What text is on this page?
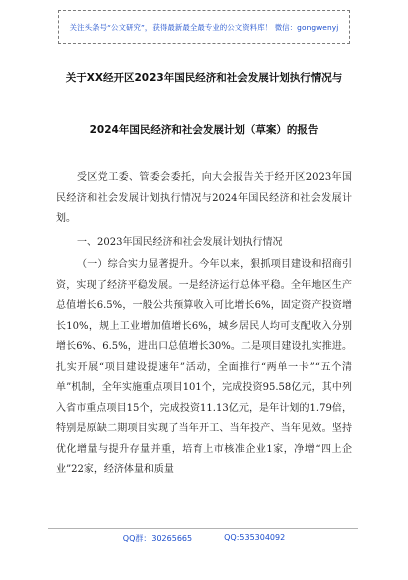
关注头条号“公文研究”，获得最新最全最专业的公文资料库！ 微信：gongwenyj
关于XX经开区2023年国民经济和社会发展计划执行情况与
2024年国民经济和社会发展计划（草案）的报告
受区党工委、管委会委托，向大会报告关于经开区2023年国民经济和社会发展计划执行情况与2024年国民经济和社会发展计划。
一、2023年国民经济和社会发展计划执行情况
（一）综合实力显著提升。今年以来，狠抓项目建设和招商引资，实现了经济平稳发展。一是经济运行总体平稳。全年地区生产总值增长6.5%，一般公共预算收入可比增长6%，固定资产投资增长10%，规上工业增加值增长6%，城乡居民人均可支配收入分别增长6%、6.5%，进出口总值增长30%。二是项目建设扎实推进。扎实开展“项目建设提速年”活动，全面推行“两单一卡”“五个清单”机制，全年实施重点项目101个，完成投资95.58亿元，其中列入省市重点项目15个，完成投资11.13亿元，是年计划的1.79倍，特别是原缺二期项目实现了当年开工、当年投产、当年见效。坚持优化增量与提升存量并重，培育上市核准企业1家，净增“四上企业”22家，经济体量和质量
QQ群：30265665	QQ:535304092
